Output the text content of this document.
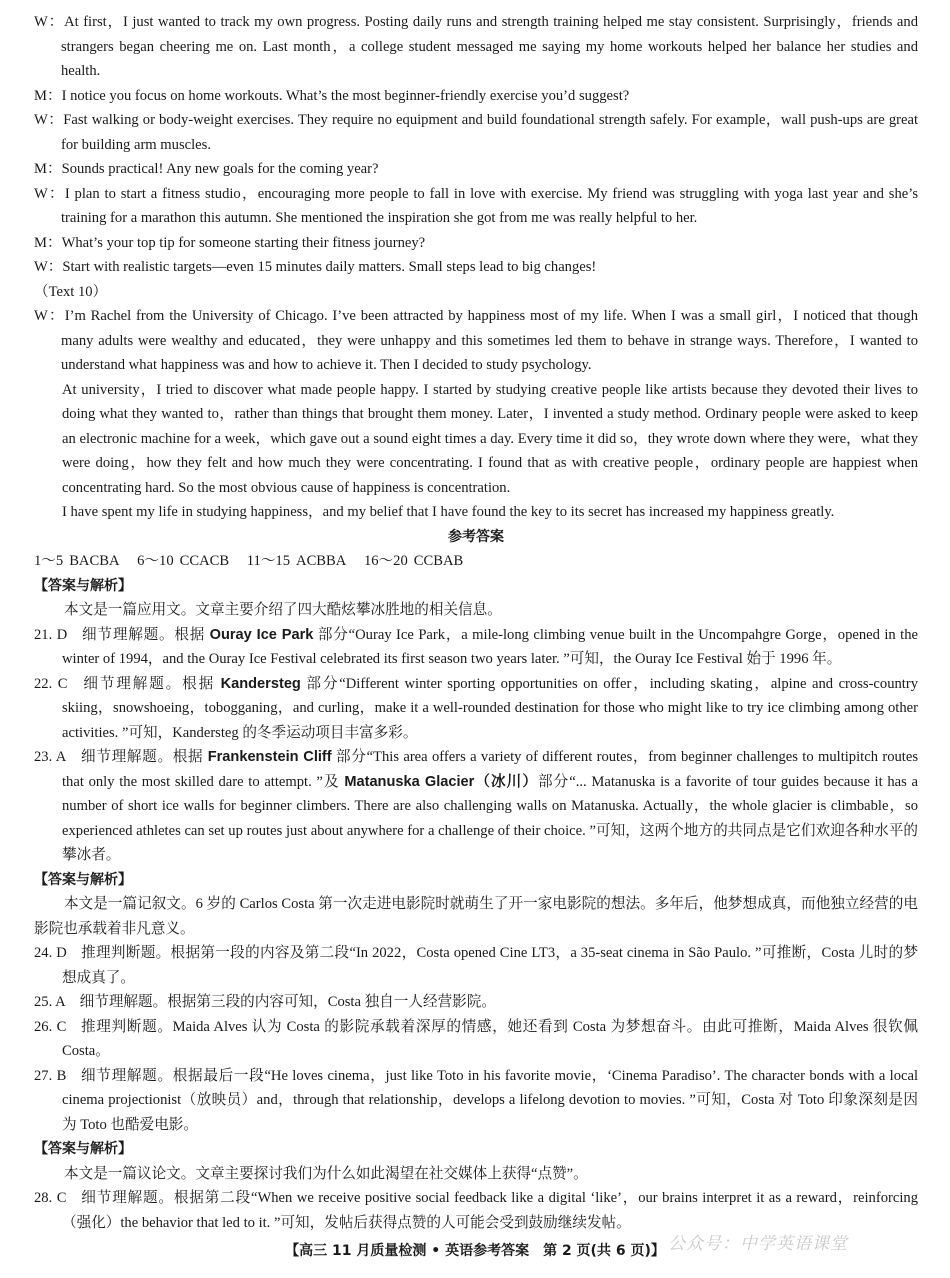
W：At first，I just wanted to track my own progress. Posting daily runs and strength training helped me stay consistent. Surprisingly，friends and strangers began cheering me on. Last month，a college student messaged me saying my home workouts helped her balance her studies and health.

M：I notice you focus on home workouts. What’s the most beginner-friendly exercise you’d suggest?

W：Fast walking or body-weight exercises. They require no equipment and build foundational strength safely. For example，wall push-ups are great for building arm muscles.

M：Sounds practical! Any new goals for the coming year?

W：I plan to start a fitness studio，encouraging more people to fall in love with exercise. My friend was struggling with yoga last year and she’s training for a marathon this autumn. She mentioned the inspiration she got from me was really helpful to her.

M：What’s your top tip for someone starting their fitness journey?

W：Start with realistic targets—even 15 minutes daily matters. Small steps lead to big changes!

（Text 10）

W：I’m Rachel from the University of Chicago. I’ve been attracted by happiness most of my life. When I was a small girl，I noticed that though many adults were wealthy and educated，they were unhappy and this sometimes led them to behave in strange ways. Therefore，I wanted to understand what happiness was and how to achieve it. Then I decided to study psychology.

At university，I tried to discover what made people happy. I started by studying creative people like artists because they devoted their lives to doing what they wanted to，rather than things that brought them money. Later，I invented a study method. Ordinary people were asked to keep an electronic machine for a week，which gave out a sound eight times a day. Every time it did so，they wrote down where they were，what they were doing，how they felt and how much they were concentrating. I found that as with creative people，ordinary people are happiest when concentrating hard. So the most obvious cause of happiness is concentration.

I have spent my life in studying happiness，and my belief that I have found the key to its secret has increased my happiness greatly.

参考答案

1～5 BACBA 6～10 CCACB 11～15 ACBBA 16～20 CCBAB

【答案与解析】

本文是一篇应用文。文章主要介绍了四大酷炫攀冰胜地的相关信息。

21. D 细节理解题。根据 Ouray Ice Park 部分“Ouray Ice Park，a mile-long climbing venue built in the Uncompahgre Gorge，opened in the winter of 1994，and the Ouray Ice Festival celebrated its first season two years later. ”可知，the Ouray Ice Festival 始于 1996 年。

22. C 细节理解题。根据 Kandersteg 部分“Different winter sporting opportunities on offer，including skating，alpine and cross-country skiing，snowshoeing，tobogganing，and curling，make it a well-rounded destination for those who might like to try ice climbing among other activities. ”可知，Kandersteg 的冬季运动项目丰富多彩。

23. A 细节理解题。根据 Frankenstein Cliff 部分“This area offers a variety of different routes，from beginner challenges to multipitch routes that only the most skilled dare to attempt. ”及 Matanuska Glacier（冰川）部分“... Matanuska is a favorite of tour guides because it has a number of short ice walls for beginner climbers. There are also challenging walls on Matanuska. Actually，the whole glacier is climbable，so experienced athletes can set up routes just about anywhere for a challenge of their choice. ”可知，这两个地方的共同点是它们欢迎各种水平的攀冰者。

【答案与解析】

本文是一篇记叙文。6 岁的 Carlos Costa 第一次走进电影院时就萌生了开一家电影院的想法。多年后，他梦想成真，而他独立经营的电影院也承载着非凡意义。

24. D 推理判断题。根据第一段的内容及第二段“In 2022，Costa opened Cine LT3，a 35-seat cinema in São Paulo. ”可推断，Costa 儿时的梦想成真了。

25. A 细节理解题。根据第三段的内容可知，Costa 独自一人经营影院。

26. C 推理判断题。Maida Alves 认为 Costa 的影院承载着深厚的情感，她还看到 Costa 为梦想奋斗。由此可推断，Maida Alves 很钦佩 Costa。

27. B 细节理解题。根据最后一段“He loves cinema，just like Toto in his favorite movie，‘Cinema Paradiso’. The character bonds with a local cinema projectionist（放映员）and，through that relationship，develops a lifelong devotion to movies. ”可知，Costa 对 Toto 印象深刻是因为 Toto 也酷爱电影。

【答案与解析】

本文是一篇议论文。文章主要探讨我们为什么如此渴望在社交媒体上获得“点赞”。

28. C 细节理解题。根据第二段“When we receive positive social feedback like a digital ‘like’，our brains interpret it as a reward，reinforcing（强化）the behavior that led to it. ”可知，发帖后获得点赞的人可能会受到鼓励继续发帖。

公众号：中学英语课堂
【高三 11 月质量检测 • 英语参考答案　第 2 页(共 6 页)】
